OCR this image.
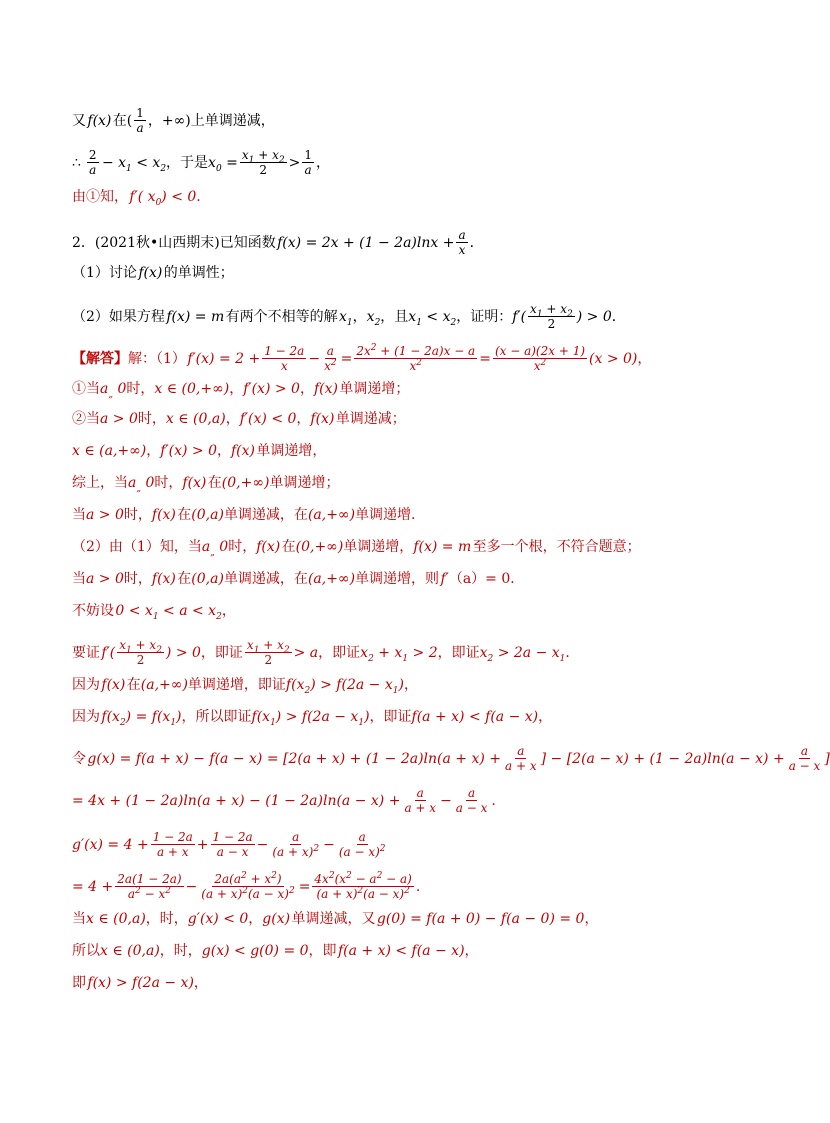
又  f(x)  在( 1
a ，+∞)上单调递减，
∴ 2
a  − $x_1 < x_2$ ，于是 $x_0 = \frac{x_1 + x_2}{2} > 1$
a ，
由①知，  f′( $x_0) < 0$ .
2．(2021秋•山西期末)已知函数  $f(x) = 2x + (1 - 2a)\ln x + \frac{a}{x}$ ．
（1）讨论  f(x)  的单调性；
（2）如果方程  f(x) = m  有两个不相等的解  $x_1$ ， $x_2$ ，且 $x_1 < x_2$ ，证明： f′( $x_1 + x_2$
2 ) > 0 ．
【解答】 解：（1）  $f'(x) = 2 + \frac{1 - 2a}{x} - \frac{a}{x^2} = \frac{2x^2 + (1 - 2a)x - a}{x^2} = \frac{(x - a)(2x + 1)}{x^2} (x > 0)$ ，
①当 $a_„$ 0 时， x ∈ (0,+∞) ， f′(x) > 0 ， f(x)  单调递增；
②当 a > 0 时， x ∈ (0,a) ， f′(x) < 0 ， f(x)  单调递减；
x ∈ (a,+∞) ， f′(x) > 0 ， f(x)  单调递增，
综上，当 $a_„$ 0 时， f(x)  在 (0,+∞) 单调递增；
当 a > 0 时， f(x)  在 (0,a) 单调递减，在 (a,+∞) 单调递增.
（2）由（1）知，当 $a_„$ 0 时， f(x)  在 (0,+∞) 单调递增， f(x) = m  至多一个根，不符合题意；
当 a > 0 时， f(x)  在 (0,a) 单调递减，在 (a,+∞) 单调递增，则  f′ （a）= 0．
不妨设  $0 < x_1 < a < x_2$ ，
要证  f′( $x_1 + x_2$
2 ) > 0 ，即证 $x_1 + x_2$
2 > a ，即证 $x_2 + x_1 > 2$ ，即证 $x_2 > 2a - x_1$ ．
因为  f(x)  在 (a,+∞) 单调递增，即证 $f(x_2) > f(2a - x_1)$ ，
因为  $f(x_2) = f(x_1)$ ，所以即证 $f(x_1) > f(2a - x_1)$ ，即证 f(a + x) < f(a − x) ，
令  $g(x) = f(a + x) - f(a - x) = [2(a + x) + (1 - 2a)\ln(a + x) + \frac{a}{a + x}$ ] − [$2(a - x) + (1 - 2a)\ln(a - x) + \frac{a}{a - x}$ ]
= $4x + (1 - 2a)\ln(a + x) - (1 - 2a)\ln(a - x) + \frac{a}{a + x} - \frac{a}{a - x}$ .
$g'(x) = 4 + \frac{1 - 2a}{a + x} + \frac{1 - 2a}{a - x} - \frac{a}{(a + x)^2} - \frac{a}{(a - x)^2}$
= $4 + \frac{2a(1 - 2a)}{a^2 - x^2} - \frac{2a(a^2 + x^2)}{(a + x)^2(a - x)^2} = \frac{4x^2(x^2 - a^2 - a)}{(a + x)^2(a - x)^2}$ .
当 x ∈ (0,a) ，时， g′(x) < 0 ， g(x)  单调递减，又  g(0) = f(a + 0) − f(a − 0) = 0 ，
所以 x ∈ (0,a) ，时， g(x) < g(0) = 0 ，即  f(a + x) < f(a − x) ，
即  f(x) > f(2a − x) ，
